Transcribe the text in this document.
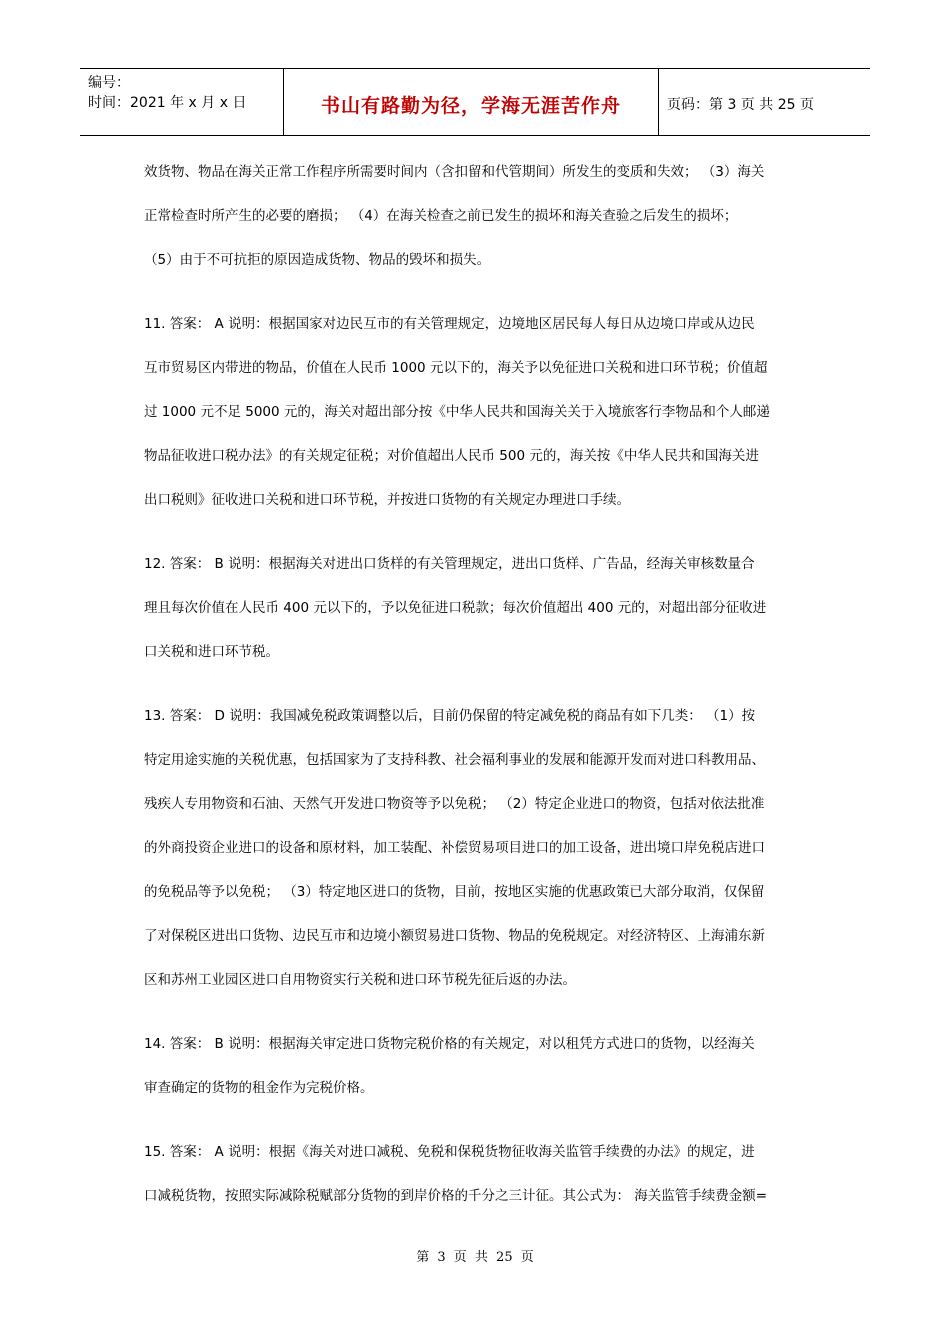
编号：
时间：2021 年 x 月 x 日	书山有路勤为径，学海无涯苦作舟	页码：第 3 页 共 25 页
效货物、物品在海关正常工作程序所需要时间内（含扣留和代管期间）所发生的变质和失效； （3）海关
正常检查时所产生的必要的磨损； （4）在海关检查之前已发生的损坏和海关查验之后发生的损坏；
（5）由于不可抗拒的原因造成货物、物品的毁坏和损失。
11. 答案： A 说明：根据国家对边民互市的有关管理规定，边境地区居民每人每日从边境口岸或从边民
互市贸易区内带进的物品，价值在人民币 1000 元以下的，海关予以免征进口关税和进口环节税；价值超
过 1000 元不足 5000 元的，海关对超出部分按《中华人民共和国海关关于入境旅客行李物品和个人邮递
物品征收进口税办法》的有关规定征税；对价值超出人民币 500 元的，海关按《中华人民共和国海关进
出口税则》征收进口关税和进口环节税，并按进口货物的有关规定办理进口手续。
12. 答案： B 说明：根据海关对进出口货样的有关管理规定，进出口货样、广告品，经海关审核数量合
理且每次价值在人民币 400 元以下的，予以免征进口税款；每次价值超出 400 元的，对超出部分征收进
口关税和进口环节税。
13. 答案： D 说明：我国减免税政策调整以后，目前仍保留的特定减免税的商品有如下几类： （1）按
特定用途实施的关税优惠，包括国家为了支持科教、社会福利事业的发展和能源开发而对进口科教用品、
残疾人专用物资和石油、天然气开发进口物资等予以免税； （2）特定企业进口的物资，包括对依法批准
的外商投资企业进口的设备和原材料，加工装配、补偿贸易项目进口的加工设备，进出境口岸免税店进口
的免税品等予以免税； （3）特定地区进口的货物，目前，按地区实施的优惠政策已大部分取消，仅保留
了对保税区进出口货物、边民互市和边境小额贸易进口货物、物品的免税规定。对经济特区、上海浦东新
区和苏州工业园区进口自用物资实行关税和进口环节税先征后返的办法。
14. 答案： B 说明：根据海关审定进口货物完税价格的有关规定，对以租凭方式进口的货物，以经海关
审查确定的货物的租金作为完税价格。
15. 答案： A 说明：根据《海关对进口减税、免税和保税货物征收海关监管手续费的办法》的规定，进
口减税货物，按照实际减除税赋部分货物的到岸价格的千分之三计征。其公式为： 海关监管手续费金额=
第 3 页 共 25 页
